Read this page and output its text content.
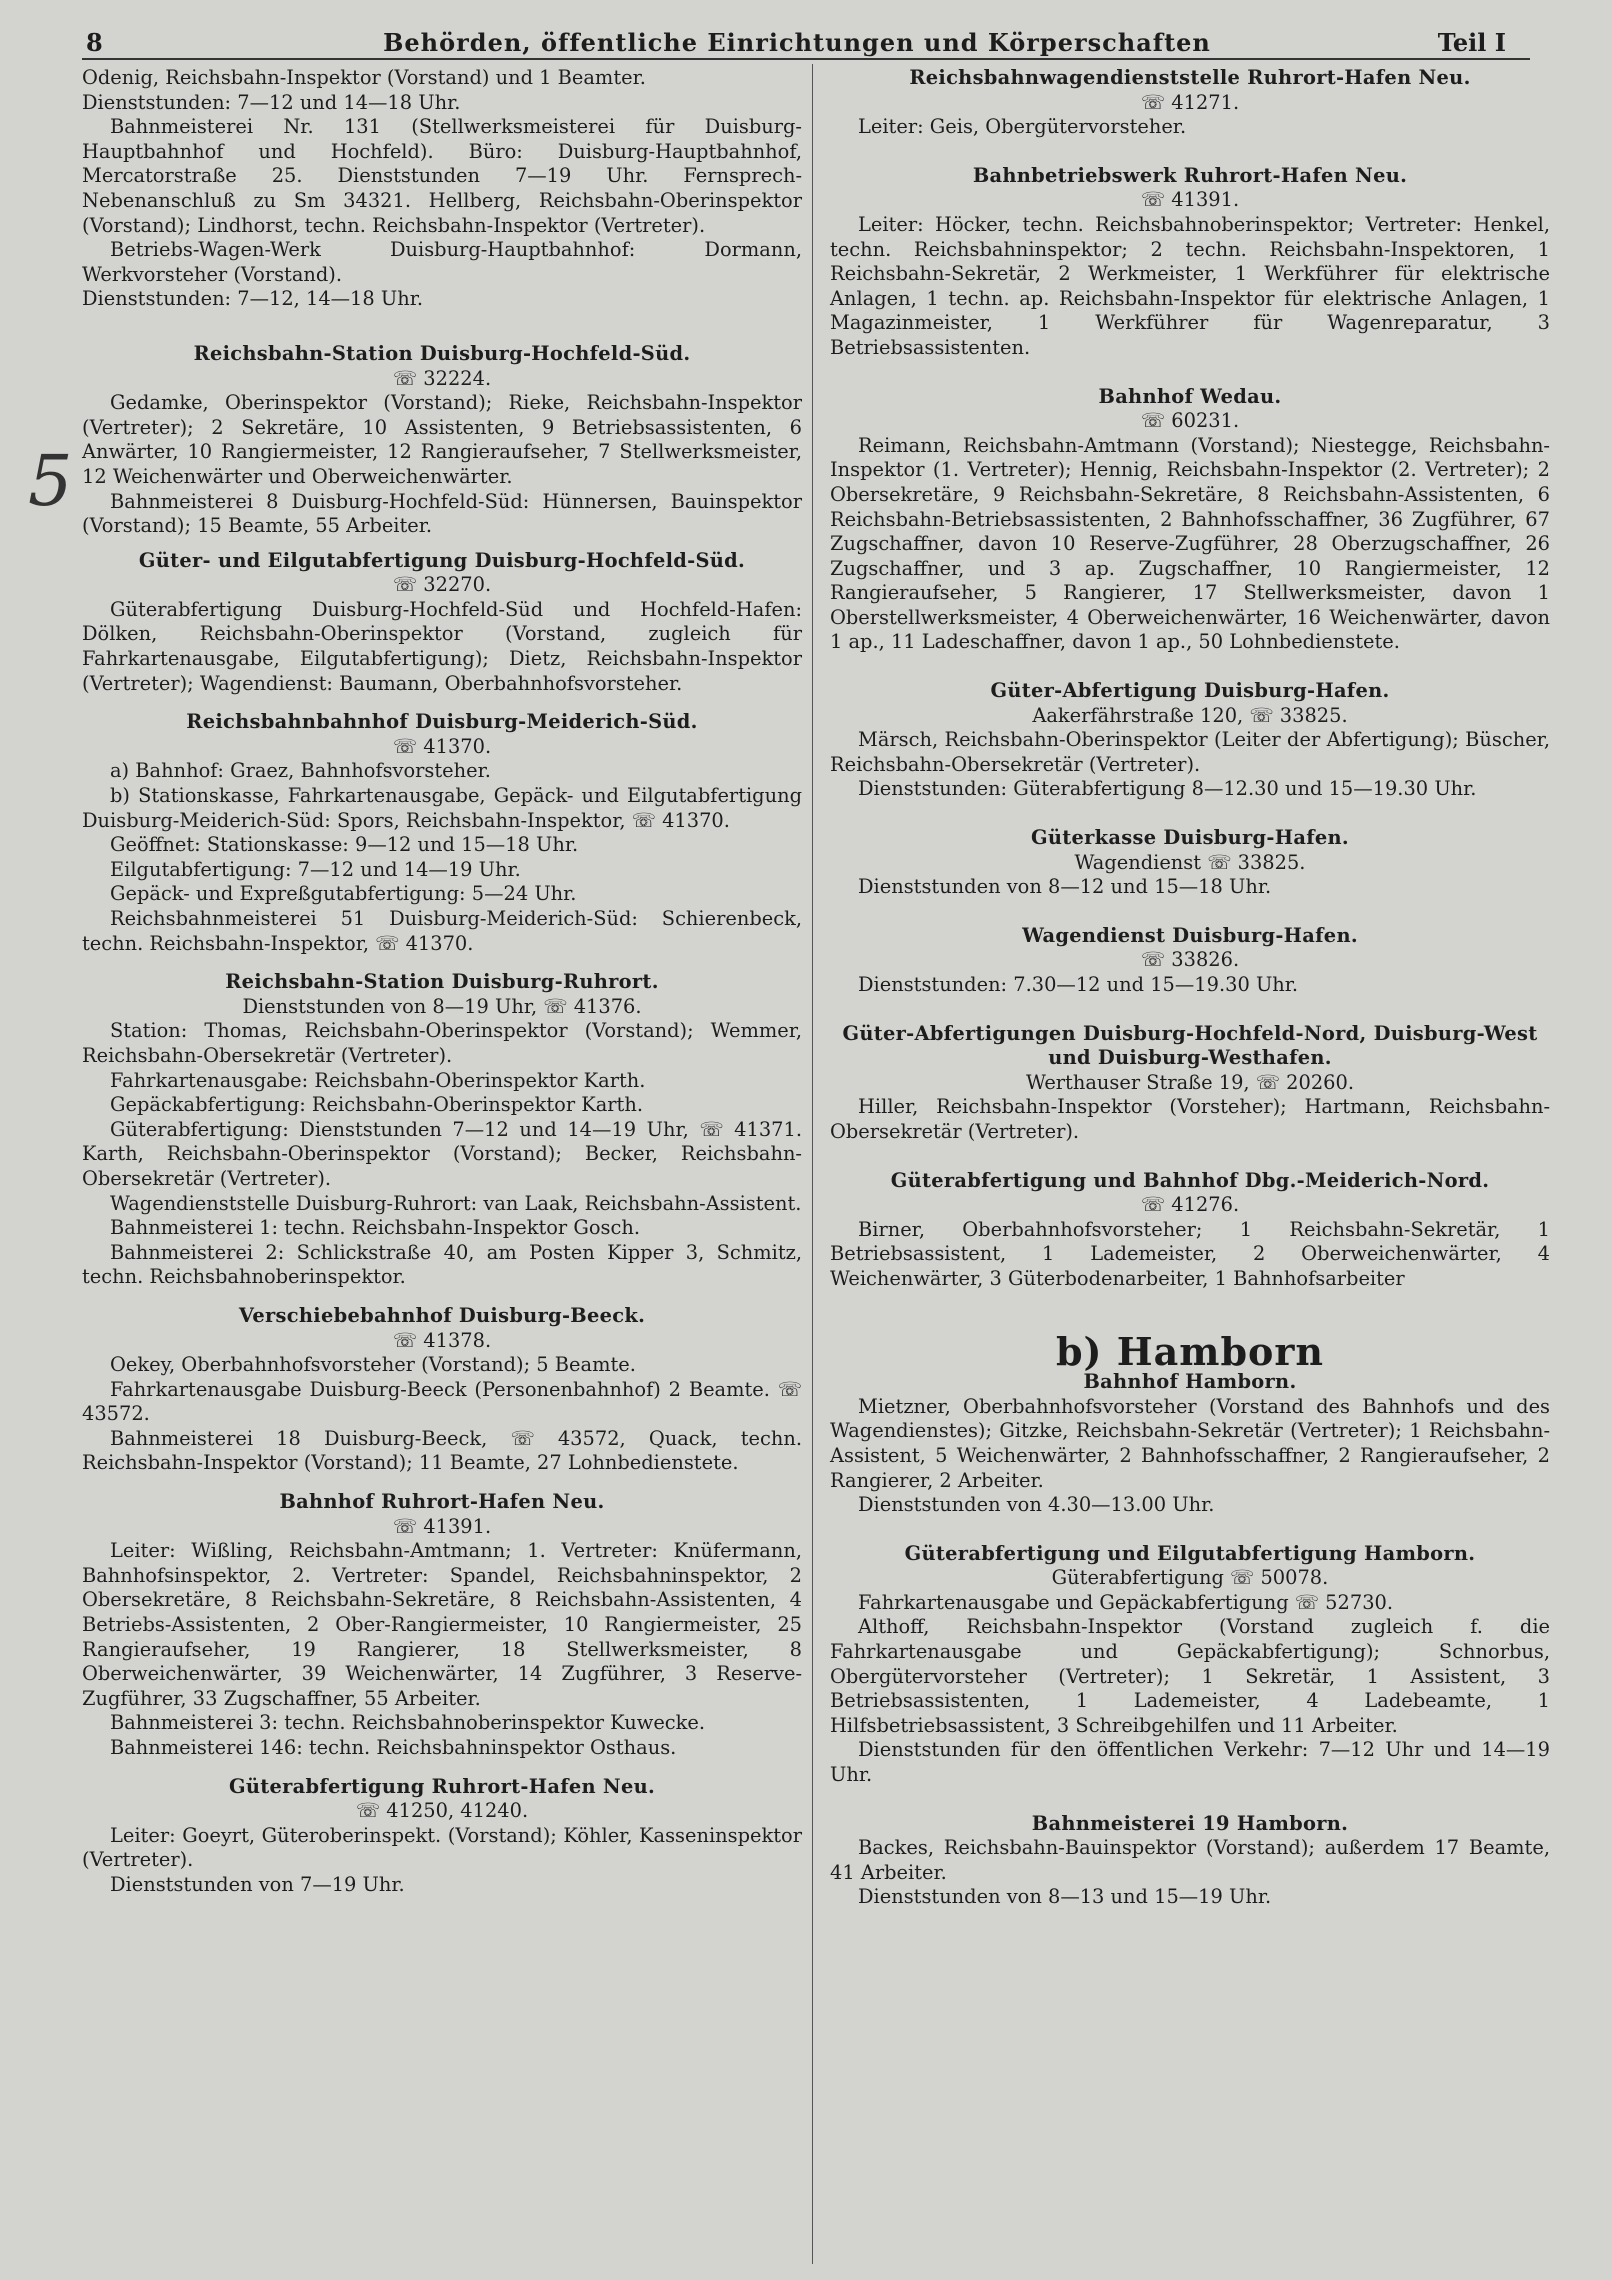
8	Behörden, öffentliche Einrichtungen und Körperschaften	Teil I
5

Odenig, Reichsbahn-Inspektor (Vorstand) und 1 Beamter.

Dienststunden: 7—12 und 14—18 Uhr.

Bahnmeisterei Nr. 131 (Stellwerksmeisterei für Duisburg-Hauptbahnhof und Hochfeld). Büro: Duisburg-Hauptbahnhof, Mercatorstraße 25. Dienststunden 7—19 Uhr. Fernsprech-Nebenanschluß zu Sm 34321. Hellberg, Reichsbahn-Oberinspektor (Vorstand); Lindhorst, techn. Reichsbahn-Inspektor (Vertreter).

Betriebs-Wagen-Werk Duisburg-Hauptbahnhof: Dormann, Werkvorsteher (Vorstand).

Dienststunden: 7—12, 14—18 Uhr.

Reichsbahn-Station Duisburg-Hochfeld-Süd.
☏ 32224.

Gedamke, Oberinspektor (Vorstand); Rieke, Reichsbahn-Inspektor (Vertreter); 2 Sekretäre, 10 Assistenten, 9 Betriebsassistenten, 6 Anwärter, 10 Rangiermeister, 12 Rangieraufseher, 7 Stellwerksmeister, 12 Weichenwärter und Oberweichenwärter.

Bahnmeisterei 8 Duisburg-Hochfeld-Süd: Hünnersen, Bauinspektor (Vorstand); 15 Beamte, 55 Arbeiter.

Güter- und Eilgutabfertigung Duisburg-Hochfeld-Süd.
☏ 32270.

Güterabfertigung Duisburg-Hochfeld-Süd und Hochfeld-Hafen: Dölken, Reichsbahn-Oberinspektor (Vorstand, zugleich für Fahrkartenausgabe, Eilgutabfertigung); Dietz, Reichsbahn-Inspektor (Vertreter); Wagendienst: Baumann, Oberbahnhofsvorsteher.

Reichsbahnbahnhof Duisburg-Meiderich-Süd.
☏ 41370.

a) Bahnhof: Graez, Bahnhofsvorsteher.

b) Stationskasse, Fahrkartenausgabe, Gepäck- und Eilgutabfertigung Duisburg-Meiderich-Süd: Spors, Reichsbahn-Inspektor, ☏ 41370.

Geöffnet: Stationskasse: 9—12 und 15—18 Uhr.

Eilgutabfertigung: 7—12 und 14—19 Uhr.

Gepäck- und Expreßgutabfertigung: 5—24 Uhr.

Reichsbahnmeisterei 51 Duisburg-Meiderich-Süd: Schierenbeck, techn. Reichsbahn-Inspektor, ☏ 41370.

Reichsbahn-Station Duisburg-Ruhrort.
Dienststunden von 8—19 Uhr, ☏ 41376.

Station: Thomas, Reichsbahn-Oberinspektor (Vorstand); Wemmer, Reichsbahn-Obersekretär (Vertreter).

Fahrkartenausgabe: Reichsbahn-Oberinspektor Karth.

Gepäckabfertigung: Reichsbahn-Oberinspektor Karth.

Güterabfertigung: Dienststunden 7—12 und 14—19 Uhr, ☏ 41371. Karth, Reichsbahn-Oberinspektor (Vorstand); Becker, Reichsbahn-Obersekretär (Vertreter).

Wagendienststelle Duisburg-Ruhrort: van Laak, Reichsbahn-Assistent.

Bahnmeisterei 1: techn. Reichsbahn-Inspektor Gosch.

Bahnmeisterei 2: Schlickstraße 40, am Posten Kipper 3, Schmitz, techn. Reichsbahnoberinspektor.

Verschiebebahnhof Duisburg-Beeck.
☏ 41378.

Oekey, Oberbahnhofsvorsteher (Vorstand); 5 Beamte.

Fahrkartenausgabe Duisburg-Beeck (Personenbahnhof) 2 Beamte. ☏ 43572.

Bahnmeisterei 18 Duisburg-Beeck, ☏ 43572, Quack, techn. Reichsbahn-Inspektor (Vorstand); 11 Beamte, 27 Lohnbedienstete.

Bahnhof Ruhrort-Hafen Neu.
☏ 41391.

Leiter: Wißling, Reichsbahn-Amtmann; 1. Vertreter: Knüfermann, Bahnhofsinspektor, 2. Vertreter: Spandel, Reichsbahninspektor, 2 Obersekretäre, 8 Reichsbahn-Sekretäre, 8 Reichsbahn-Assistenten, 4 Betriebs-Assistenten, 2 Ober-Rangiermeister, 10 Rangiermeister, 25 Rangieraufseher, 19 Rangierer, 18 Stellwerksmeister, 8 Oberweichenwärter, 39 Weichenwärter, 14 Zugführer, 3 Reserve-Zugführer, 33 Zugschaffner, 55 Arbeiter.

Bahnmeisterei 3: techn. Reichsbahnoberinspektor Kuwecke.

Bahnmeisterei 146: techn. Reichsbahninspektor Osthaus.

Güterabfertigung Ruhrort-Hafen Neu.
☏ 41250, 41240.

Leiter: Goeyrt, Güteroberinspekt. (Vorstand); Köhler, Kasseninspektor (Vertreter).

Dienststunden von 7—19 Uhr.

Reichsbahnwagendienststelle Ruhrort-Hafen Neu.
☏ 41271.

Leiter: Geis, Obergütervorsteher.

Bahnbetriebswerk Ruhrort-Hafen Neu.
☏ 41391.

Leiter: Höcker, techn. Reichsbahnoberinspektor; Vertreter: Henkel, techn. Reichsbahninspektor; 2 techn. Reichsbahn-Inspektoren, 1 Reichsbahn-Sekretär, 2 Werkmeister, 1 Werkführer für elektrische Anlagen, 1 techn. ap. Reichsbahn-Inspektor für elektrische Anlagen, 1 Magazinmeister, 1 Werkführer für Wagenreparatur, 3 Betriebsassistenten.

Bahnhof Wedau.
☏ 60231.

Reimann, Reichsbahn-Amtmann (Vorstand); Niestegge, Reichsbahn-Inspektor (1. Vertreter); Hennig, Reichsbahn-Inspektor (2. Vertreter); 2 Obersekretäre, 9 Reichsbahn-Sekretäre, 8 Reichsbahn-Assistenten, 6 Reichsbahn-Betriebsassistenten, 2 Bahnhofsschaffner, 36 Zugführer, 67 Zugschaffner, davon 10 Reserve-Zugführer, 28 Oberzugschaffner, 26 Zugschaffner, und 3 ap. Zugschaffner, 10 Rangiermeister, 12 Rangieraufseher, 5 Rangierer, 17 Stellwerksmeister, davon 1 Oberstellwerksmeister, 4 Oberweichenwärter, 16 Weichenwärter, davon 1 ap., 11 Ladeschaffner, davon 1 ap., 50 Lohnbedienstete.

Güter-Abfertigung Duisburg-Hafen.
Aakerfährstraße 120, ☏ 33825.

Märsch, Reichsbahn-Oberinspektor (Leiter der Abfertigung); Büscher, Reichsbahn-Obersekretär (Vertreter).

Dienststunden: Güterabfertigung 8—12.30 und 15—19.30 Uhr.

Güterkasse Duisburg-Hafen.
Wagendienst ☏ 33825.

Dienststunden von 8—12 und 15—18 Uhr.

Wagendienst Duisburg-Hafen.
☏ 33826.

Dienststunden: 7.30—12 und 15—19.30 Uhr.

Güter-Abfertigungen Duisburg-Hochfeld-Nord, Duisburg-West und Duisburg-Westhafen.
Werthauser Straße 19, ☏ 20260.

Hiller, Reichsbahn-Inspektor (Vorsteher); Hartmann, Reichsbahn-Obersekretär (Vertreter).

Güterabfertigung und Bahnhof Dbg.-Meiderich-Nord.
☏ 41276.

Birner, Oberbahnhofsvorsteher; 1 Reichsbahn-Sekretär, 1 Betriebsassistent, 1 Lademeister, 2 Oberweichenwärter, 4 Weichenwärter, 3 Güterbodenarbeiter, 1 Bahnhofsarbeiter

b) Hamborn
Bahnhof Hamborn.

Mietzner, Oberbahnhofsvorsteher (Vorstand des Bahnhofs und des Wagendienstes); Gitzke, Reichsbahn-Sekretär (Vertreter); 1 Reichsbahn-Assistent, 5 Weichenwärter, 2 Bahnhofsschaffner, 2 Rangieraufseher, 2 Rangierer, 2 Arbeiter.

Dienststunden von 4.30—13.00 Uhr.

Güterabfertigung und Eilgutabfertigung Hamborn.
Güterabfertigung ☏ 50078.

Fahrkartenausgabe und Gepäckabfertigung ☏ 52730.

Althoff, Reichsbahn-Inspektor (Vorstand zugleich f. die Fahrkartenausgabe und Gepäckabfertigung); Schnorbus, Obergütervorsteher (Vertreter); 1 Sekretär, 1 Assistent, 3 Betriebsassistenten, 1 Lademeister, 4 Ladebeamte, 1 Hilfsbetriebsassistent, 3 Schreibgehilfen und 11 Arbeiter.

Dienststunden für den öffentlichen Verkehr: 7—12 Uhr und 14—19 Uhr.

Bahnmeisterei 19 Hamborn.

Backes, Reichsbahn-Bauinspektor (Vorstand); außerdem 17 Beamte, 41 Arbeiter.

Dienststunden von 8—13 und 15—19 Uhr.
